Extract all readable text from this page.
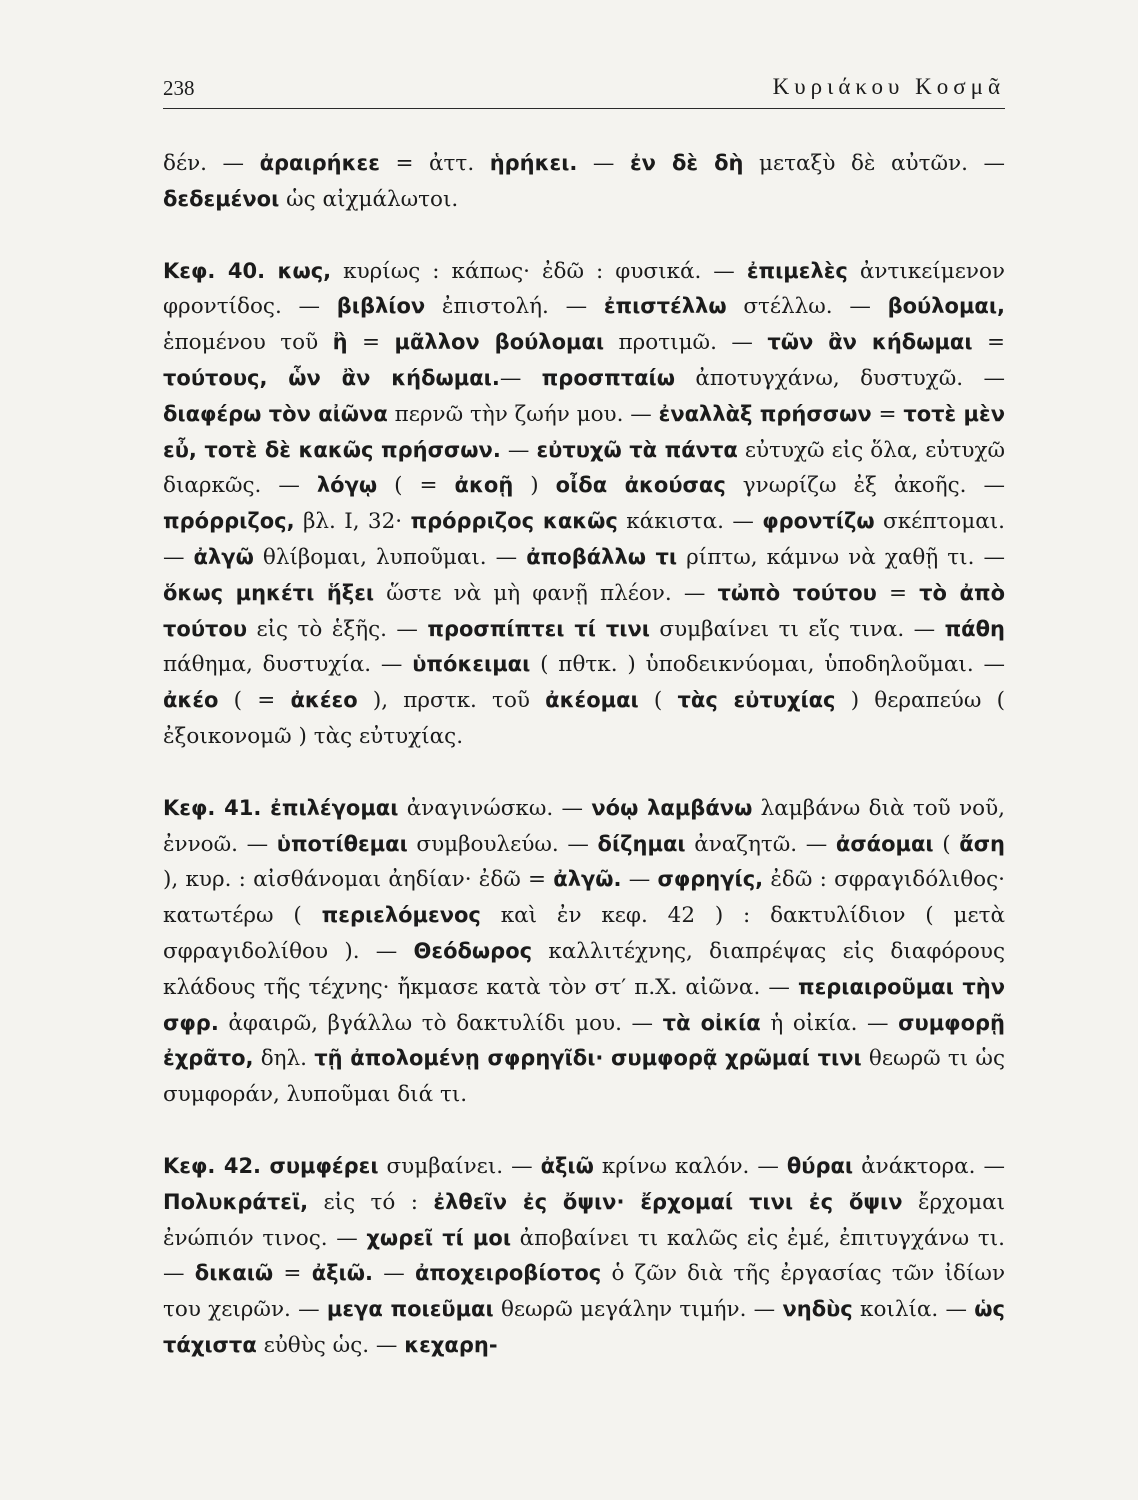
238	Κυριάκου Κοσμᾶ

δέν. — ἀραιρήκεε = ἀττ. ἡρήκει. — ἐν δὲ δὴ μεταξὺ δὲ αὐτῶν. — δεδεμένοι ὡς αἰχμάλωτοι.

Κεφ. 40. κως, κυρίως : κάπως· ἐδῶ : φυσικά. — ἐπιμελὲς ἀντικείμενον φροντίδος. — βιβλίον ἐπιστολή. — ἐπιστέλλω στέλλω. — βούλομαι, ἑπομένου τοῦ ἢ = μᾶλλον βούλομαι προτιμῶ. — τῶν ἂν κήδωμαι = τούτους, ὧν ἂν κήδωμαι.— προσπταίω ἀποτυγχάνω, δυστυχῶ. — διαφέρω τὸν αἰῶνα περνῶ τὴν ζωήν μου. — ἐναλλὰξ πρήσσων = τοτὲ μὲν εὖ, τοτὲ δὲ κακῶς πρήσσων. — εὐτυχῶ τὰ πάντα εὐτυχῶ εἰς ὅλα, εὐτυχῶ διαρκῶς. — λόγῳ ( = ἀκοῇ ) οἶδα ἀκούσας γνωρίζω ἐξ ἀκοῆς. — πρόρριζος, βλ. I, 32· πρόρριζος κακῶς κάκιστα. — φροντίζω σκέπτομαι. — ἀλγῶ θλίβομαι, λυποῦμαι. — ἀποβάλλω τι ρίπτω, κάμνω νὰ χαθῇ τι. — ὅκως μηκέτι ἥξει ὥστε νὰ μὴ φανῇ πλέον. — τὠπὸ τούτου = τὸ ἀπὸ τούτου εἰς τὸ ἑξῆς. — προσπίπτει τί τινι συμβαίνει τι εἴς τινα. — πάθη πάθημα, δυστυχία. — ὑπόκειμαι ( πθτκ. ) ὑποδεικνύομαι, ὑποδηλοῦμαι. — ἀκέο ( = ἀκέεο ), πρστκ. τοῦ ἀκέομαι ( τὰς εὐτυχίας ) θεραπεύω ( ἐξοικονομῶ ) τὰς εὐτυχίας.

Κεφ. 41. ἐπιλέγομαι ἀναγινώσκω. — νόῳ λαμβάνω λαμβάνω διὰ τοῦ νοῦ, ἐννοῶ. — ὑποτίθεμαι συμβουλεύω. — δίζημαι ἀναζητῶ. — ἀσάομαι ( ἄση ), κυρ. : αἰσθάνομαι ἀηδίαν· ἐδῶ = ἀλγῶ. — σφρηγίς, ἐδῶ : σφραγιδόλιθος· κατωτέρω ( περιελόμενος καὶ ἐν κεφ. 42 ) : δακτυλίδιον ( μετὰ σφραγιδολίθου ). — Θεόδωρος καλλιτέχνης, διαπρέψας εἰς διαφόρους κλάδους τῆς τέχνης· ἤκμασε κατὰ τὸν στ′ π.Χ. αἰῶνα. — περιαιροῦμαι τὴν σφρ. ἀφαιρῶ, βγάλλω τὸ δακτυλίδι μου. — τὰ οἰκία ἡ οἰκία. — συμφορῇ ἐχρᾶτο, δηλ. τῇ ἀπολομένῃ σφρηγῖδι· συμφορᾷ χρῶμαί τινι θεωρῶ τι ὡς συμφοράν, λυποῦμαι διά τι.

Κεφ. 42. συμφέρει συμβαίνει. — ἀξιῶ κρίνω καλόν. — θύραι ἀνάκτορα. — Πολυκράτεϊ, εἰς τό : ἐλθεῖν ἐς ὄψιν· ἔρχομαί τινι ἐς ὄψιν ἔρχομαι ἐνώπιόν τινος. — χωρεῖ τί μοι ἀποβαίνει τι καλῶς εἰς ἐμέ, ἐπιτυγχάνω τι. — δικαιῶ = ἀξιῶ. — ἀποχειροβίοτος ὁ ζῶν διὰ τῆς ἐργασίας τῶν ἰδίων του χειρῶν. — μεγα ποιεῦμαι θεωρῶ μεγάλην τιμήν. — νηδὺς κοιλία. — ὡς τάχιστα εὐθὺς ὡς. — κεχαρη-
